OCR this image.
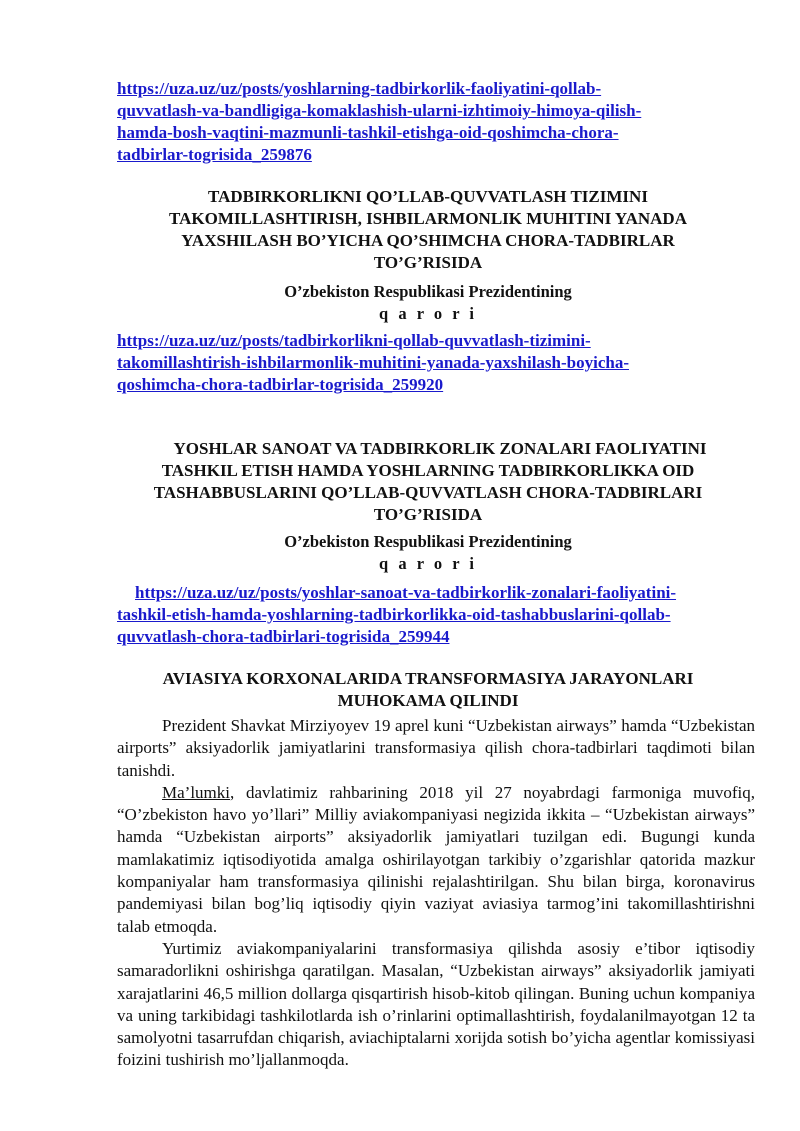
https://uza.uz/uz/posts/yoshlarning-tadbirkorlik-faoliyatini-qollab-
quvvatlash-va-bandligiga-komaklashish-ularni-izhtimoiy-himoya-qilish-
hamda-bosh-vaqtini-mazmunli-tashkil-etishga-oid-qoshimcha-chora-
tadbirlar-togrisida_259876
TADBIRKORLIKNI QO’LLAB-QUVVATLASH TIZIMINI
TAKOMILLASHTIRISH, ISHBILARMONLIK MUHITINI YANADA
YAXSHILASH BO’YICHA QO’SHIMCHA CHORA-TADBIRLAR
TO’G’RISIDA
O’zbekiston Respublikasi Prezidentining
q a r o r i
https://uza.uz/uz/posts/tadbirkorlikni-qollab-quvvatlash-tizimini-
takomillashtirish-ishbilarmonlik-muhitini-yanada-yaxshilash-boyicha-
qoshimcha-chora-tadbirlar-togrisida_259920
YOSHLAR SANOAT VA TADBIRKORLIK ZONALARI FAOLIYATINI
TASHKIL ETISH HAMDA YOSHLARNING TADBIRKORLIKKA OID
TASHABBUSLARINI QO’LLAB-QUVVATLASH CHORA-TADBIRLARI
TO’G’RISIDA
O’zbekiston Respublikasi Prezidentining
q a r o r i
https://uza.uz/uz/posts/yoshlar-sanoat-va-tadbirkorlik-zonalari-faoliyatini-
tashkil-etish-hamda-yoshlarning-tadbirkorlikka-oid-tashabbuslarini-qollab-
quvvatlash-chora-tadbirlari-togrisida_259944
AVIASIYA KORXONALARIDA TRANSFORMASIYA JARAYONLARI
MUHOKAMA QILINDI

Prezident Shavkat Mirziyoyev 19 aprel kuni “Uzbekistan airways” hamda “Uzbekistan airports” aksiyadorlik jamiyatlarini transformasiya qilish chora-tadbirlari taqdimoti bilan tanishdi.

Ma’lumki, davlatimiz rahbarining 2018 yil 27 noyabrdagi farmoniga muvofiq, “O’zbekiston havo yo’llari” Milliy aviakompaniyasi negizida ikkita – “Uzbekistan airways” hamda “Uzbekistan airports” aksiyadorlik jamiyatlari tuzilgan edi. Bugungi kunda mamlakatimiz iqtisodiyotida amalga oshirilayotgan tarkibiy o’zgarishlar qatorida mazkur kompaniyalar ham transformasiya qilinishi rejalashtirilgan. Shu bilan birga, koronavirus pandemiyasi bilan bog’liq iqtisodiy qiyin vaziyat aviasiya tarmog’ini takomillashtirishni talab etmoqda.

Yurtimiz aviakompaniyalarini transformasiya qilishda asosiy e’tibor iqtisodiy samaradorlikni oshirishga qaratilgan. Masalan, “Uzbekistan airways” aksiyadorlik jamiyati xarajatlarini 46,5 million dollarga qisqartirish hisob-kitob qilingan. Buning uchun kompaniya va uning tarkibidagi tashkilotlarda ish o’rinlarini optimallashtirish, foydalanilmayotgan 12 ta samolyotni tasarrufdan chiqarish, aviachiptalarni xorijda sotish bo’yicha agentlar komissiyasi foizini tushirish mo’ljallanmoqda.
